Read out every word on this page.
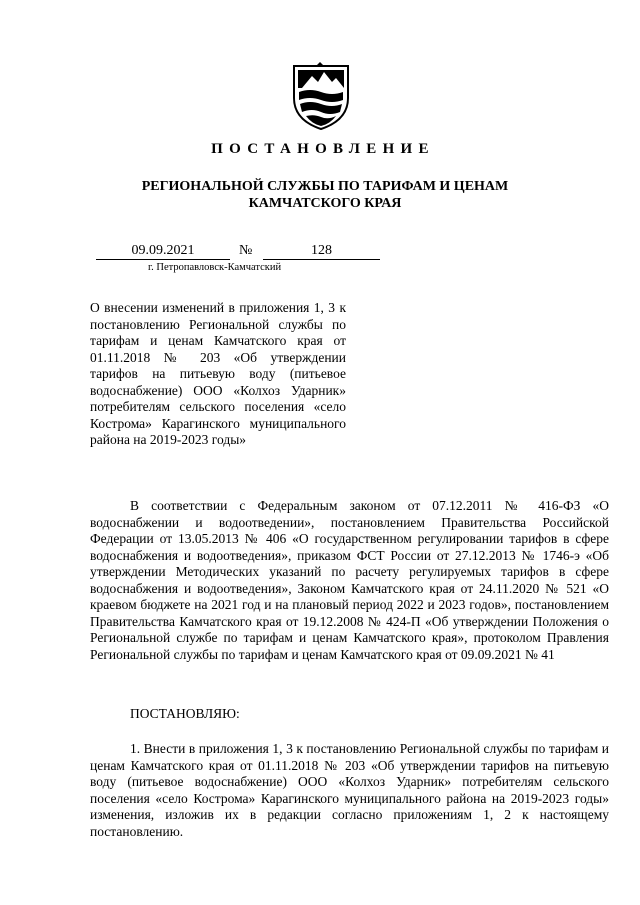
ПОСТАНОВЛЕНИЕ
РЕГИОНАЛЬНОЙ СЛУЖБЫ ПО ТАРИФАМ И ЦЕНАМ
КАМЧАТСКОГО КРАЯ
09.09.2021	№	128
г. Петропавловск-Камчатский
О внесении изменений в приложения 1, 3 к постановлению Региональной службы по тарифам и ценам Камчатского края от 01.11.2018 № 203 «Об утверждении тарифов на питьевую воду (питьевое водоснабжение) ООО «Колхоз Ударник» потребителям сельского поселения «село Кострома» Карагинского муниципального района на 2019-2023 годы»

В соответствии с Федеральным законом от 07.12.2011 № 416-ФЗ «О водоснабжении и водоотведении», постановлением Правительства Российской Федерации от 13.05.2013 № 406 «О государственном регулировании тарифов в сфере водоснабжения и водоотведения», приказом ФСТ России от 27.12.2013 № 1746-э «Об утверждении Методических указаний по расчету регулируемых тарифов в сфере водоснабжения и водоотведения», Законом Камчатского края от 24.11.2020 № 521 «О краевом бюджете на 2021 год и на плановый период 2022 и 2023 годов», постановлением Правительства Камчатского края от 19.12.2008 № 424-П «Об утверждении Положения о Региональной службе по тарифам и ценам Камчатского края», протоколом Правления Региональной службы по тарифам и ценам Камчатского края от 09.09.2021 № 41

ПОСТАНОВЛЯЮ:

1. Внести в приложения 1, 3 к постановлению Региональной службы по тарифам и ценам Камчатского края от 01.11.2018 № 203 «Об утверждении тарифов на питьевую воду (питьевое водоснабжение) ООО «Колхоз Ударник» потребителям сельского поселения «село Кострома» Карагинского муниципального района на 2019-2023 годы» изменения, изложив их в редакции согласно приложениям 1, 2 к настоящему постановлению.
